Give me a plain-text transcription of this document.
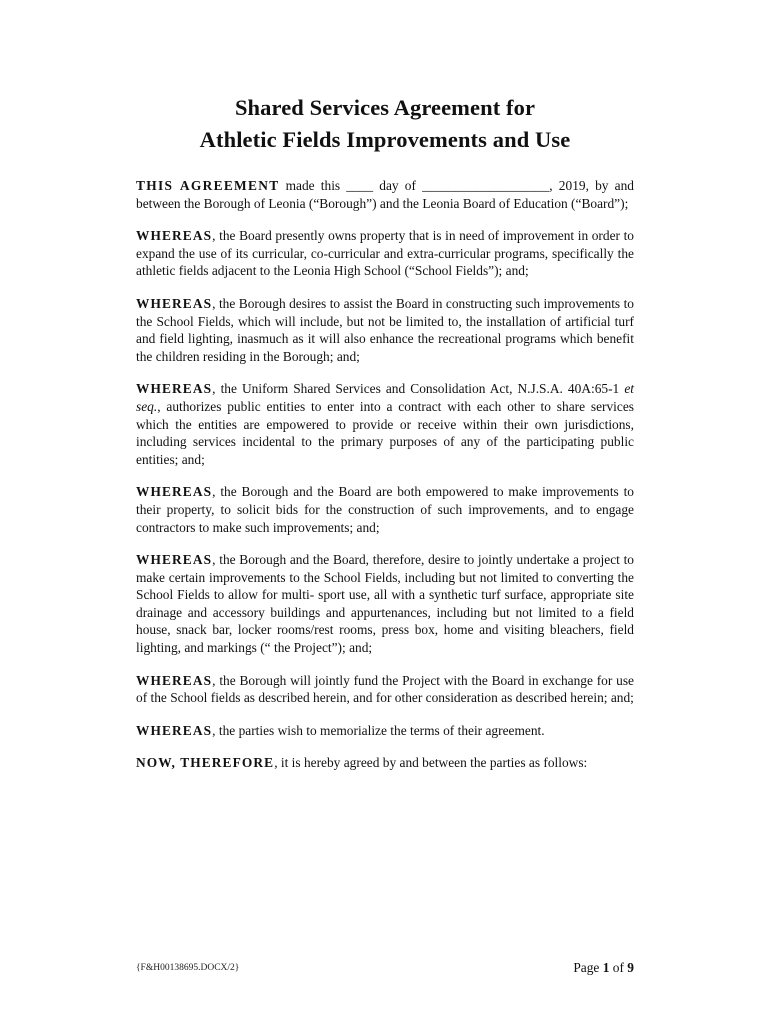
Shared Services Agreement for
Athletic Fields Improvements and Use

THIS AGREEMENT made this ____ day of ___________________, 2019, by and between the Borough of Leonia (“Borough”) and the Leonia Board of Education (“Board”);

WHEREAS, the Board presently owns property that is in need of improvement in order to expand the use of its curricular, co-curricular and extra-curricular programs, specifically the athletic fields adjacent to the Leonia High School (“School Fields”); and;

WHEREAS, the Borough desires to assist the Board in constructing such improvements to the School Fields, which will include, but not be limited to, the installation of artificial turf and field lighting, inasmuch as it will also enhance the recreational programs which benefit the children residing in the Borough; and;

WHEREAS, the Uniform Shared Services and Consolidation Act, N.J.S.A. 40A:65-1 et seq., authorizes public entities to enter into a contract with each other to share services which the entities are empowered to provide or receive within their own jurisdictions, including services incidental to the primary purposes of any of the participating public entities; and;

WHEREAS, the Borough and the Board are both empowered to make improvements to their property, to solicit bids for the construction of such improvements, and to engage contractors to make such improvements; and;

WHEREAS, the Borough and the Board, therefore, desire to jointly undertake a project to make certain improvements to the School Fields, including but not limited to converting the School Fields to allow for multi- sport use, all with a synthetic turf surface, appropriate site drainage and accessory buildings and appurtenances, including but not limited to a field house, snack bar, locker rooms/rest rooms, press box, home and visiting bleachers, field lighting, and markings (“ the Project”); and;

WHEREAS, the Borough will jointly fund the Project with the Board in exchange for use of the School fields as described herein, and for other consideration as described herein; and;

WHEREAS, the parties wish to memorialize the terms of their agreement.

NOW, THEREFORE, it is hereby agreed by and between the parties as follows:

{F&H00138695.DOCX/2}	Page 1 of 9
